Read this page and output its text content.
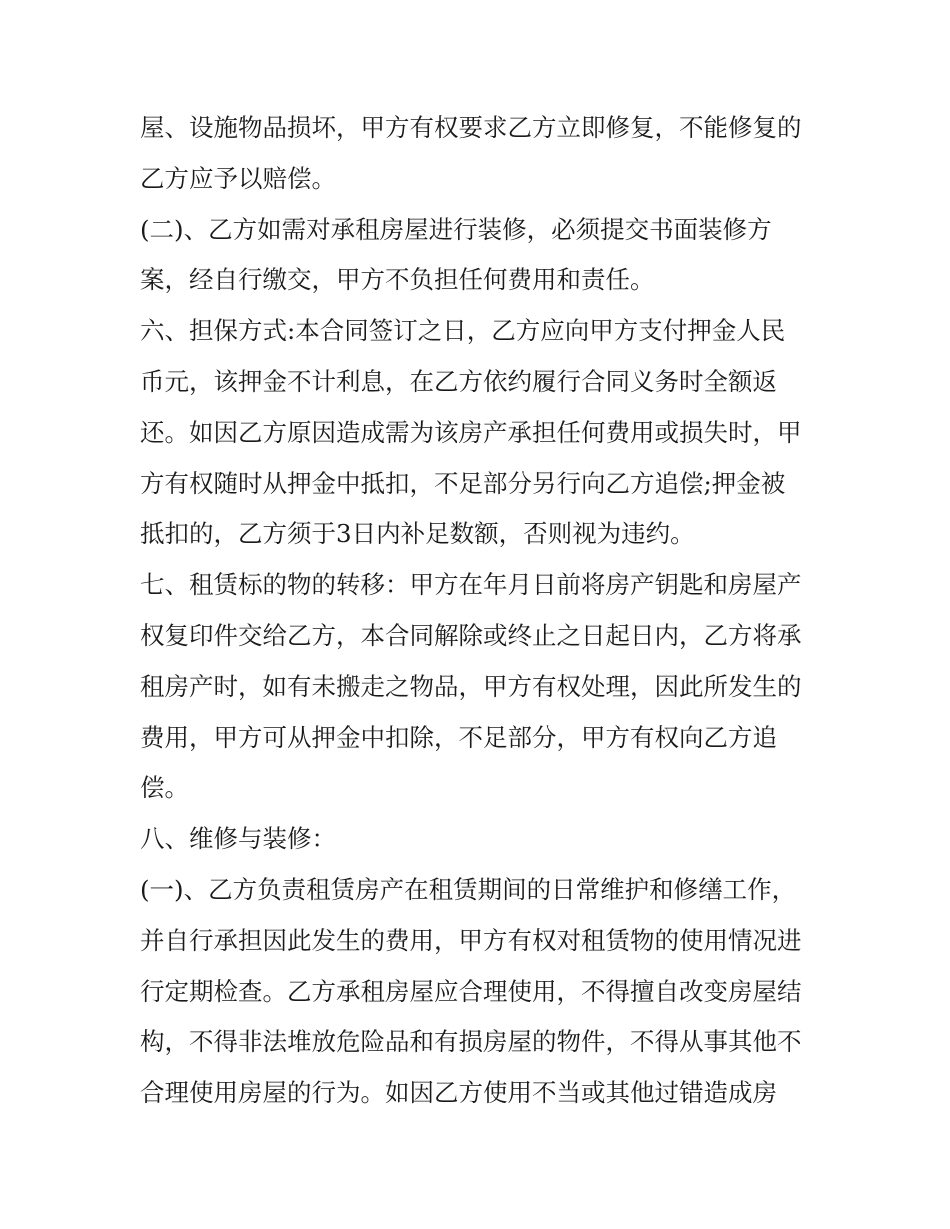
屋、设施物品损坏，甲方有权要求乙方立即修复，不能修复的
乙方应予以赔偿。
(二)、乙方如需对承租房屋进行装修，必须提交书面装修方
案，经自行缴交，甲方不负担任何费用和责任。
六、担保方式:本合同签订之日，乙方应向甲方支付押金人民
币元，该押金不计利息，在乙方依约履行合同义务时全额返
还。如因乙方原因造成需为该房产承担任何费用或损失时，甲
方有权随时从押金中抵扣，不足部分另行向乙方追偿;押金被
抵扣的，乙方须于3日内补足数额，否则视为违约。
七、租赁标的物的转移：甲方在年月日前将房产钥匙和房屋产
权复印件交给乙方，本合同解除或终止之日起日内，乙方将承
租房产时，如有未搬走之物品，甲方有权处理，因此所发生的
费用，甲方可从押金中扣除，不足部分，甲方有权向乙方追
偿。
八、维修与装修：
(一)、乙方负责租赁房产在租赁期间的日常维护和修缮工作，
并自行承担因此发生的费用，甲方有权对租赁物的使用情况进
行定期检查。乙方承租房屋应合理使用，不得擅自改变房屋结
构，不得非法堆放危险品和有损房屋的物件，不得从事其他不
合理使用房屋的行为。如因乙方使用不当或其他过错造成房
